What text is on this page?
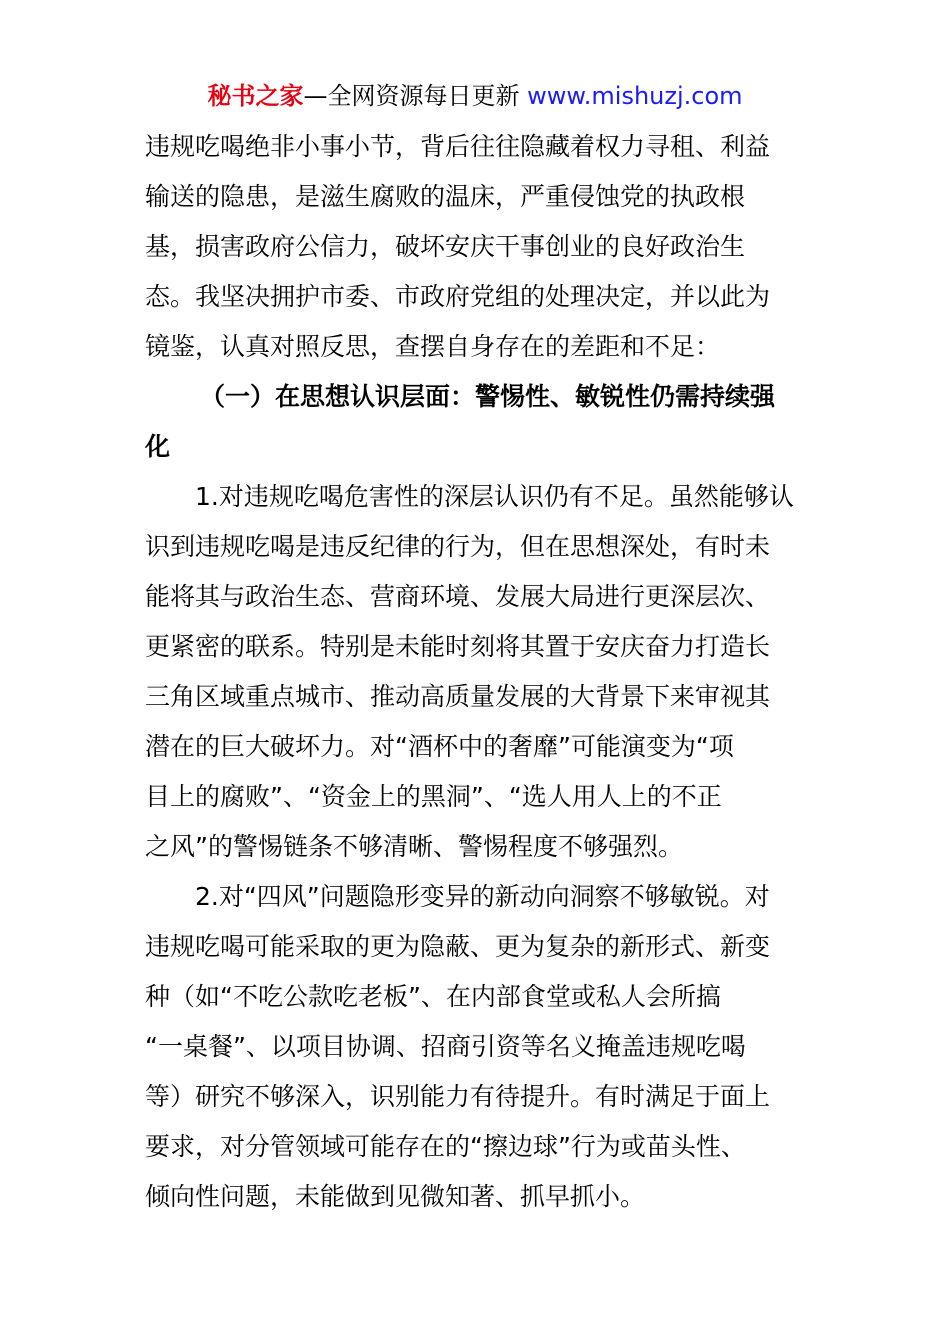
秘书之家—全网资源每日更新 www.mishuzj.com
违规吃喝绝非小事小节，背后往往隐藏着权力寻租、利益
输送的隐患，是滋生腐败的温床，严重侵蚀党的执政根
基，损害政府公信力，破坏安庆干事创业的良好政治生
态。我坚决拥护市委、市政府党组的处理决定，并以此为
镜鉴，认真对照反思，查摆自身存在的差距和不足：
（一）在思想认识层面：警惕性、敏锐性仍需持续强
化
1.对违规吃喝危害性的深层认识仍有不足。虽然能够认
识到违规吃喝是违反纪律的行为，但在思想深处，有时未
能将其与政治生态、营商环境、发展大局进行更深层次、
更紧密的联系。特别是未能时刻将其置于安庆奋力打造长
三角区域重点城市、推动高质量发展的大背景下来审视其
潜在的巨大破坏力。对“酒杯中的奢靡”可能演变为“项
目上的腐败”、“资金上的黑洞”、“选人用人上的不正
之风”的警惕链条不够清晰、警惕程度不够强烈。
2.对“四风”问题隐形变异的新动向洞察不够敏锐。对
违规吃喝可能采取的更为隐蔽、更为复杂的新形式、新变
种（如“不吃公款吃老板”、在内部食堂或私人会所搞
“一桌餐”、以项目协调、招商引资等名义掩盖违规吃喝
等）研究不够深入，识别能力有待提升。有时满足于面上
要求，对分管领域可能存在的“擦边球”行为或苗头性、
倾向性问题，未能做到见微知著、抓早抓小。
